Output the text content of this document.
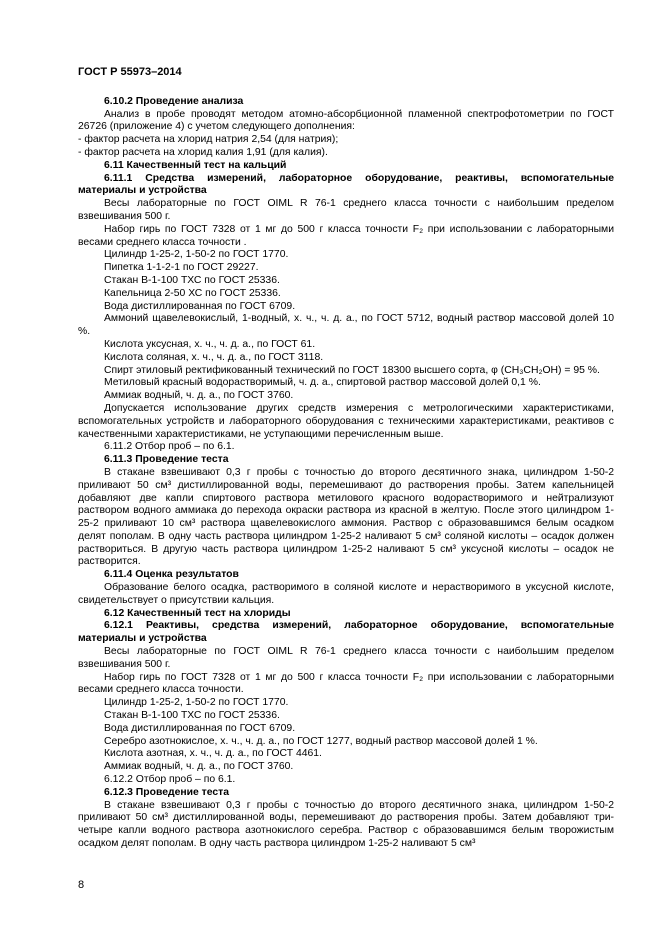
ГОСТ Р 55973–2014

6.10.2 Проведение анализа

Анализ в пробе проводят методом атомно-абсорбционной пламенной спектрофотометрии по ГОСТ 26726 (приложение 4) с учетом следующего дополнения:

- фактор расчета на хлорид натрия 2,54 (для натрия);

- фактор расчета на хлорид калия 1,91 (для калия).

6.11 Качественный тест на кальций

6.11.1 Средства измерений, лабораторное оборудование, реактивы, вспомогательные материалы и устройства

Весы лабораторные по ГОСТ OIML R 76-1 среднего класса точности с наибольшим пределом взвешивания 500 г.

Набор гирь по ГОСТ 7328 от 1 мг до 500 г класса точности F₂ при использовании с лабораторными весами среднего класса точности .

Цилиндр 1-25-2, 1-50-2 по ГОСТ 1770.

Пипетка 1-1-2-1 по ГОСТ 29227.

Стакан В-1-100 ТХС по ГОСТ 25336.

Капельница 2-50 ХС по ГОСТ 25336.

Вода дистиллированная по ГОСТ 6709.

Аммоний щавелевокислый, 1-водный, х. ч., ч. д. а., по ГОСТ 5712, водный раствор массовой долей 10 %.

Кислота уксусная, х. ч., ч. д. а., по ГОСТ 61.

Кислота соляная, х. ч., ч. д. а., по ГОСТ 3118.

Спирт этиловый ректификованный технический по ГОСТ 18300 высшего сорта, φ (CH₃CH₂OH) = 95 %.

Метиловый красный водорастворимый, ч. д. а., спиртовой раствор массовой долей 0,1 %.

Аммиак водный, ч. д. а., по ГОСТ 3760.

Допускается использование других средств измерения с метрологическими характеристиками, вспомогательных устройств и лабораторного оборудования с техническими характеристиками, реактивов с качественными характеристиками, не уступающими перечисленным выше.

6.11.2 Отбор проб – по 6.1.

6.11.3 Проведение теста

В стакане взвешивают 0,3 г пробы с точностью до второго десятичного знака, цилиндром 1-50-2 приливают 50 см³ дистиллированной воды, перемешивают до растворения пробы. Затем капельницей добавляют две капли спиртового раствора метилового красного водорастворимого и нейтрализуют раствором водного аммиака до перехода окраски раствора из красной в желтую. После этого цилиндром 1-25-2 приливают 10 см³ раствора щавелевокислого аммония. Раствор с образовавшимся белым осадком делят пополам. В одну часть раствора цилиндром 1-25-2 наливают 5 см³ соляной кислоты – осадок должен раствориться. В другую часть раствора цилиндром 1-25-2 наливают 5 см³ уксусной кислоты – осадок не растворится.

6.11.4 Оценка результатов

Образование белого осадка, растворимого в соляной кислоте и нерастворимого в уксусной кислоте, свидетельствует о присутствии кальция.

6.12 Качественный тест на хлориды

6.12.1 Реактивы, средства измерений, лабораторное оборудование, вспомогательные материалы и устройства

Весы лабораторные по ГОСТ OIML R 76-1 среднего класса точности с наибольшим пределом взвешивания 500 г.

Набор гирь по ГОСТ 7328 от 1 мг до 500 г класса точности F₂ при использовании с лабораторными весами среднего класса точности.

Цилиндр 1-25-2, 1-50-2 по ГОСТ 1770.

Стакан В-1-100 ТХС по ГОСТ 25336.

Вода дистиллированная по ГОСТ 6709.

Серебро азотнокислое, х. ч., ч. д. а., по ГОСТ 1277, водный раствор массовой долей 1 %.

Кислота азотная, х. ч., ч. д. а., по ГОСТ 4461.

Аммиак водный, ч. д. а., по ГОСТ 3760.

6.12.2 Отбор проб – по 6.1.

6.12.3 Проведение теста

В стакане взвешивают 0,3 г пробы с точностью до второго десятичного знака, цилиндром 1-50-2 приливают 50 см³ дистиллированной воды, перемешивают до растворения пробы. Затем добавляют три-четыре капли водного раствора азотнокислого серебра. Раствор с образовавшимся белым творожистым осадком делят пополам. В одну часть раствора цилиндром 1-25-2 наливают 5 см³

8
